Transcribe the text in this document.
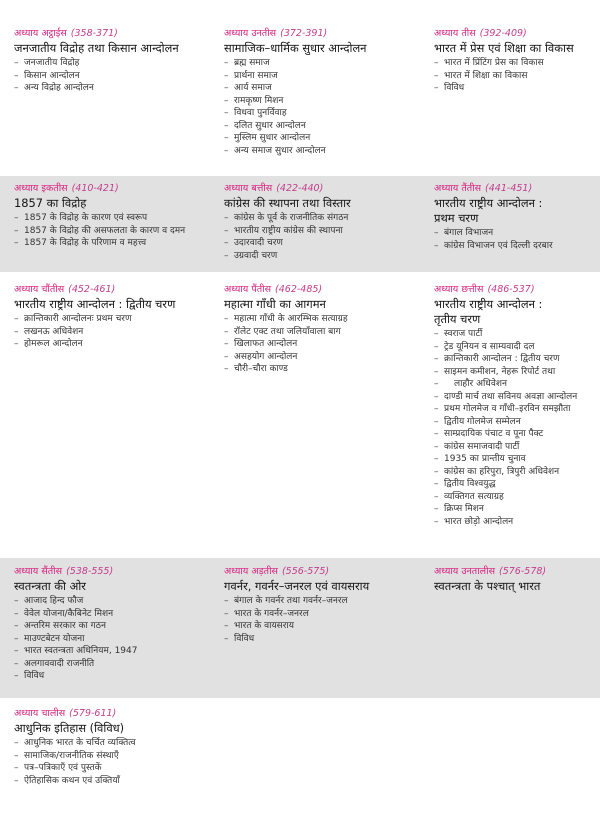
अध्याय अट्ठाईस (358-371)
जनजातीय विद्रोह तथा किसान आन्दोलन
– जनजातीय विद्रोह
– किसान आन्दोलन
– अन्य विद्रोह आन्दोलन
अध्याय उनतीस (372-391)
सामाजिक–धार्मिक सुधार आन्दोलन
– ब्रह्म समाज
– प्रार्थना समाज
– आर्य समाज
– रामकृष्ण मिशन
– विधवा पुनर्विवाह
– दलित सुधार आन्दोलन
– मुस्लिम सुधार आन्दोलन
– अन्य समाज सुधार आन्दोलन
अध्याय तीस (392-409)
भारत में प्रेस एवं शिक्षा का विकास
– भारत में प्रिंटिंग प्रेस का विकास
– भारत में शिक्षा का विकास
– विविध
अध्याय इकतीस (410-421)
1857 का विद्रोह
– 1857 के विद्रोह के कारण एवं स्वरूप
– 1857 के विद्रोह की असफलता के कारण व दमन
– 1857 के विद्रोह के परिणाम व महत्त्व
अध्याय बत्तीस (422-440)
कांग्रेस की स्थापना तथा विस्तार
– कांग्रेस के पूर्व के राजनीतिक संगठन
– भारतीय राष्ट्रीय कांग्रेस की स्थापना
– उदारवादी चरण
– उग्रवादी चरण
अध्याय तैंतीस (441-451)
भारतीय राष्ट्रीय आन्दोलन :
प्रथम चरण
– बंगाल विभाजन
– कांग्रेस विभाजन एवं दिल्ली दरबार
अध्याय चौंतीस (452-461)
भारतीय राष्ट्रीय आन्दोलन : द्वितीय चरण
– क्रान्तिकारी आन्दोलनः प्रथम चरण
– लखनऊ अधिवेशन
– होमरूल आन्दोलन
अध्याय पैंतीस (462-485)
महात्मा गाँधी का आगमन
– महात्मा गाँधी के आरम्भिक सत्याग्रह
– रॉलेट एक्ट तथा जलियाँवाला बाग
– खिलाफत आन्दोलन
– असहयोग आन्दोलन
– चौरी–चौरा काण्ड
अध्याय छत्तीस (486-537)
भारतीय राष्ट्रीय आन्दोलन :
तृतीय चरण
– स्वराज पार्टी
– ट्रेड यूनियन व साम्यवादी दल
– क्रान्तिकारी आन्दोलन : द्वितीय चरण
– साइमन कमीशन, नेहरू रिपोर्ट तथा
– लाहौर अधिवेशन
– दाण्डी मार्च तथा सविनय अवज्ञा आन्दोलन
– प्रथम गोलमेज व गाँधी–इरविन समझौता
– द्वितीय गोलमेज सम्मेलन
– साम्प्रदायिक पंचाट व पूना पैक्ट
– कांग्रेस समाजवादी पार्टी
– 1935 का प्रान्तीय चुनाव
– कांग्रेस का हरिपुरा, त्रिपुरी अधिवेशन
– द्वितीय विश्वयुद्ध
– व्यक्तिगत सत्याग्रह
– क्रिप्स मिशन
– भारत छोड़ो आन्दोलन
अध्याय सैंतीस (538-555)
स्वतन्त्रता की ओर
– आजाद हिन्द फौज
– वेवेल योजना/कैबिनेट मिशन
– अन्तरिम सरकार का गठन
– माउण्टबेटन योजना
– भारत स्वतन्त्रता अधिनियम, 1947
– अलगाववादी राजनीति
– विविध
अध्याय अड़तीस (556-575)
गवर्नर, गवर्नर–जनरल एवं वायसराय
– बंगाल के गवर्नर तथा गवर्नर–जनरल
– भारत के गवर्नर–जनरल
– भारत के वायसराय
– विविध
अध्याय उनतालीस (576-578)
स्वतन्त्रता के पश्चात् भारत
अध्याय चालीस (579-611)
आधुनिक इतिहास (विविध)
– आधुनिक भारत के चर्चित व्यक्तित्व
– सामाजिक/राजनीतिक संस्थाएँ
– पत्र–पत्रिकाएँ एवं पुस्तकें
– ऐतिहासिक कथन एवं उक्तियाँ
